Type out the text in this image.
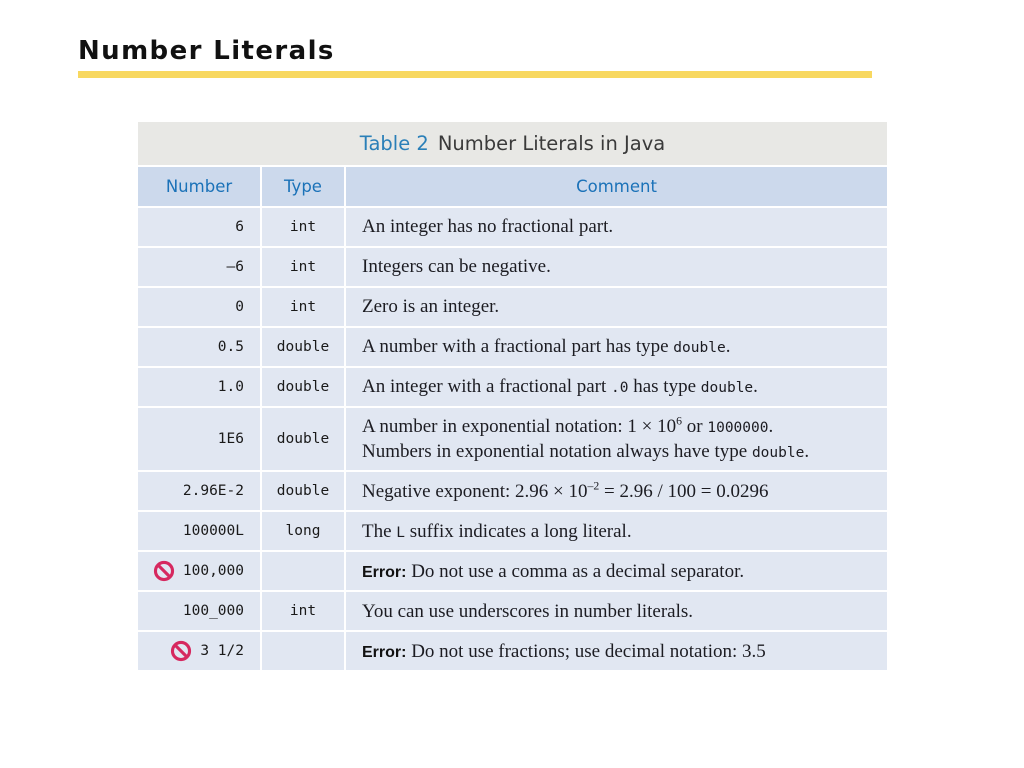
Number Literals
Table 2 Number Literals in Java		
Number	Type	Comment

6	int	An integer has no fractional part.

–6	int	Integers can be negative.

0	int	Zero is an integer.

0.5	double	A number with a fractional part has type double.

1.0	double	An integer with a fractional part .0 has type double.

1E6	double	A number in exponential notation: $1 \times 10^6$ or 1000000.
Numbers in exponential notation always have type double.

2.96E-2	double	Negative exponent: $2.96 \times 10^{-2} = 2.96 / 100 = 0.0296$

100000L	long	The L suffix indicates a long literal.

100,000		Error: Do not use a comma as a decimal separator.

100_000	int	You can use underscores in number literals.

3 1/2		Error: Do not use fractions; use decimal notation: 3.5
